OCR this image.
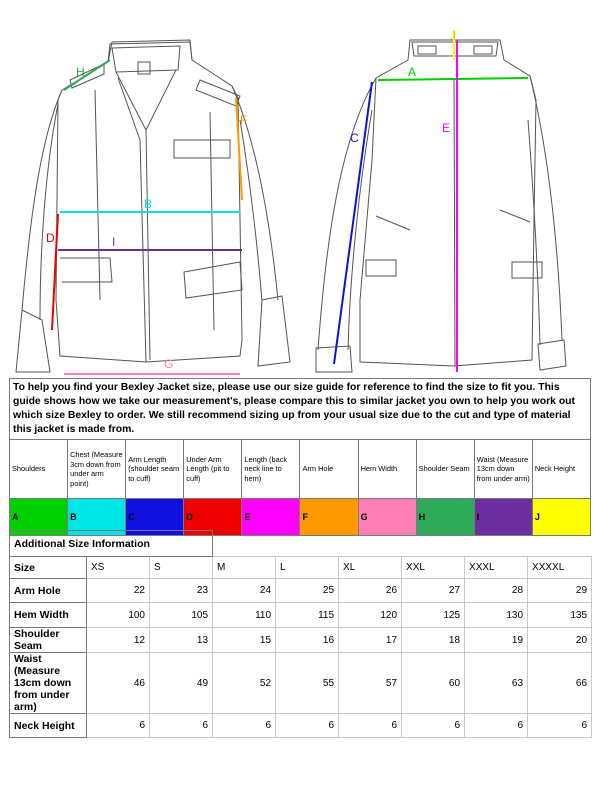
A
B
C
D
E
F
G
H
I
J
To help you find your Bexley Jacket size, please use our size guide for reference to find the size to fit you. This guide shows how we take our measurement's, please compare this to similar jacket you own to help you work out which size Bexley to order. We still recommend sizing up from your usual size due to the cut and type of material this jacket is made from.									
Shoulders	Chest (Measure 3cm down from under arm point)	Arm Length (shoulder seam to cuff)	Under Arm Length (pit to cuff)	Length (back neck line to hem)	Arm Hole	Hem Width	Shoulder Seam	Waist (Measure 13cm down from under arm)	Neck Height
A	B	C	D	E	F	G	H	I	J
Additional Size Information								
Size	XS	S	M	L	XL	XXL	XXXL	XXXXL
Arm Hole	22	23	24	25	26	27	28	29
Hem Width	100	105	110	115	120	125	130	135
Shoulder Seam	12	13	15	16	17	18	19	20
Waist (Measure 13cm down from under arm)	46	49	52	55	57	60	63	66
Neck Height	6	6	6	6	6	6	6	6
